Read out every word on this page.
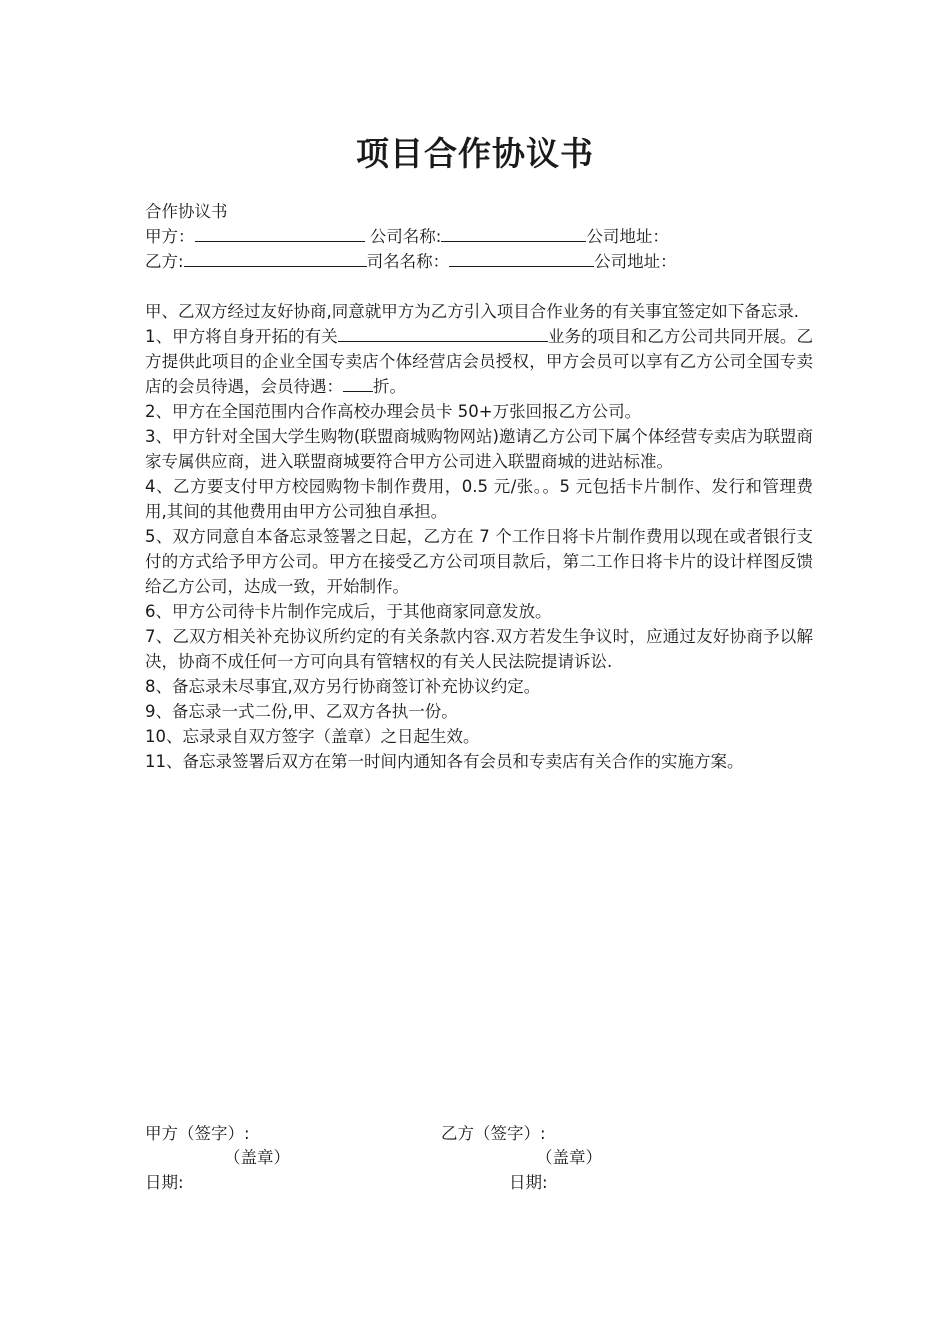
项目合作协议书

合作协议书

甲方：	公司名称:	公司地址：

乙方:	司名名称：	公司地址：

甲、乙双方经过友好协商,同意就甲方为乙方引入项目合作业务的有关事宜签定如下备忘录.

1、甲方将自身开拓的有关	业务的项目和乙方公司共同开展。乙方提供此项目的企业全国专卖店个体经营店会员授权，甲方会员可以享有乙方公司全国专卖店的会员待遇，会员待遇： 折。

2、甲方在全国范围内合作高校办理会员卡 50+万张回报乙方公司。

3、甲方针对全国大学生购物(联盟商城购物网站)邀请乙方公司下属个体经营专卖店为联盟商家专属供应商，进入联盟商城要符合甲方公司进入联盟商城的进站标准。

4、乙方要支付甲方校园购物卡制作费用，0.5 元/张。。5 元包括卡片制作、发行和管理费用,其间的其他费用由甲方公司独自承担。

5、双方同意自本备忘录签署之日起，乙方在 7 个工作日将卡片制作费用以现在或者银行支付的方式给予甲方公司。甲方在接受乙方公司项目款后，第二工作日将卡片的设计样图反馈给乙方公司，达成一致，开始制作。

6、甲方公司待卡片制作完成后，于其他商家同意发放。

7、乙双方相关补充协议所约定的有关条款内容.双方若发生争议时，应通过友好协商予以解决，协商不成任何一方可向具有管辖权的有关人民法院提请诉讼.

8、备忘录未尽事宜,双方另行协商签订补充协议约定。

9、备忘录一式二份,甲、乙双方各执一份。

10、忘录录自双方签字（盖章）之日起生效。

11、备忘录签署后双方在第一时间内通知各有会员和专卖店有关合作的实施方案。

甲方（签字）:	乙方（签字）:

（盖章）	（盖章）

日期:	日期:
